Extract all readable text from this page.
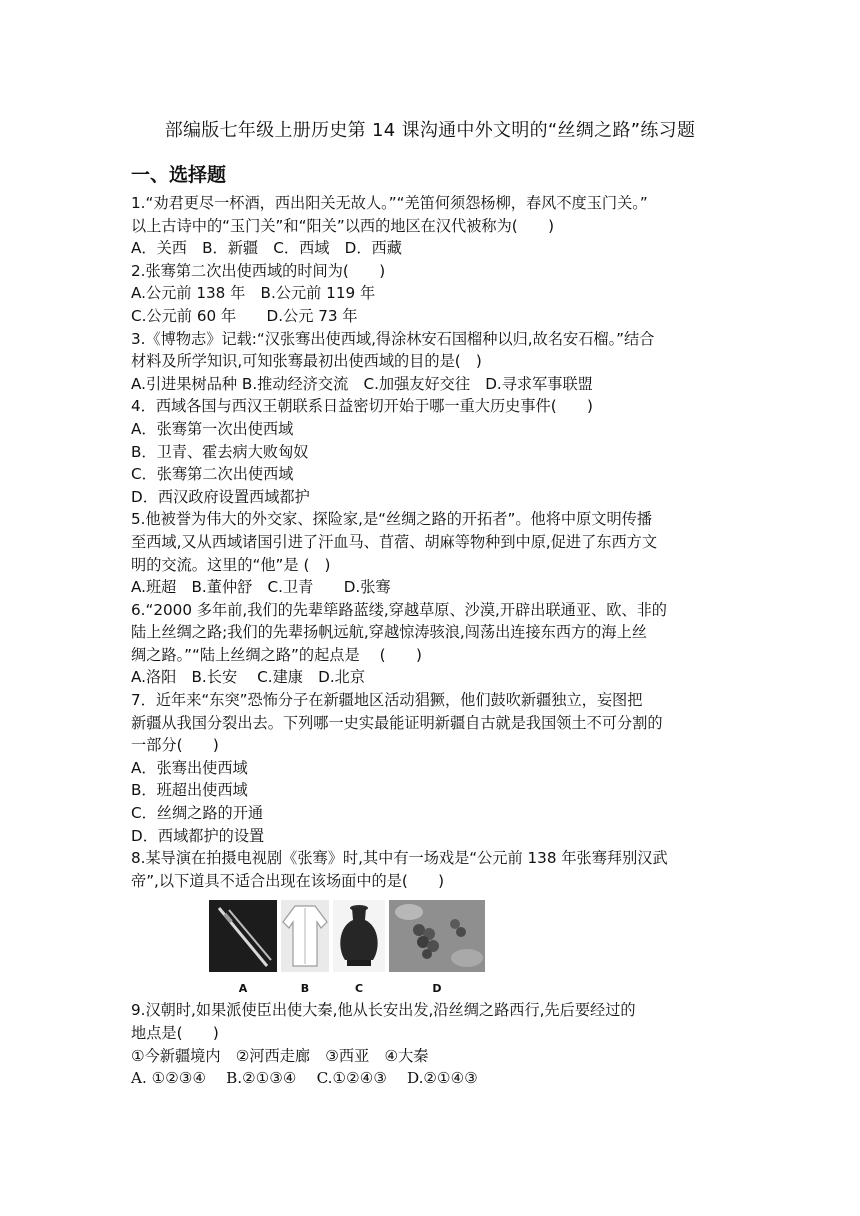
部编版七年级上册历史第 14 课沟通中外文明的“丝绸之路”练习题
一、选择题
1.“劝君更尽一杯酒，西出阳关无故人。”“羌笛何须怨杨柳，春风不度玉门关。”
以上古诗中的“玉门关”和“阳关”以西的地区在汉代被称为(　　)
A．关西　B．新疆　C．西域　D．西藏
2.张骞第二次出使西域的时间为(　　)
A.公元前 138 年　B.公元前 119 年
C.公元前 60 年　　D.公元 73 年
3.《博物志》记载:“汉张骞出使西域,得涂林安石国榴种以归,故名安石榴。”结合
材料及所学知识,可知张骞最初出使西域的目的是(　)
A.引进果树品种 B.推动经济交流　C.加强友好交往　D.寻求军事联盟
4．西域各国与西汉王朝联系日益密切开始于哪一重大历史事件(　　)
A．张骞第一次出使西域
B．卫青、霍去病大败匈奴
C．张骞第二次出使西域
D．西汉政府设置西域都护
5.他被誉为伟大的外交家、探险家,是“丝绸之路的开拓者”。他将中原文明传播
至西域,又从西域诸国引进了汗血马、苜蓿、胡麻等物种到中原,促进了东西方文
明的交流。这里的“他”是 (　)
A.班超　B.董仲舒　C.卫青　　D.张骞
6.“2000 多年前,我们的先辈筚路蓝缕,穿越草原、沙漠,开辟出联通亚、欧、非的
陆上丝绸之路;我们的先辈扬帆远航,穿越惊涛骇浪,闯荡出连接东西方的海上丝
绸之路。”“陆上丝绸之路”的起点是　 (　　)
A.洛阳　B.长安　 C.建康　D.北京
7．近年来“东突”恐怖分子在新疆地区活动猖獗，他们鼓吹新疆独立，妄图把
新疆从我国分裂出去。下列哪一史实最能证明新疆自古就是我国领土不可分割的
一部分(　　)
A．张骞出使西域
B．班超出使西域
C．丝绸之路的开通
D．西域都护的设置
8.某导演在拍摄电视剧《张骞》时,其中有一场戏是“公元前 138 年张骞拜别汉武
帝”,以下道具不适合出现在该场面中的是(　　)
A	B	C	D
9.汉朝时,如果派使臣出使大秦,他从长安出发,沿丝绸之路西行,先后要经过的
地点是(　　)
①今新疆境内　②河西走廊　③西亚　④大秦
A. ①②③④　 B.②①③④　 C.①②④③　 D.②①④③
